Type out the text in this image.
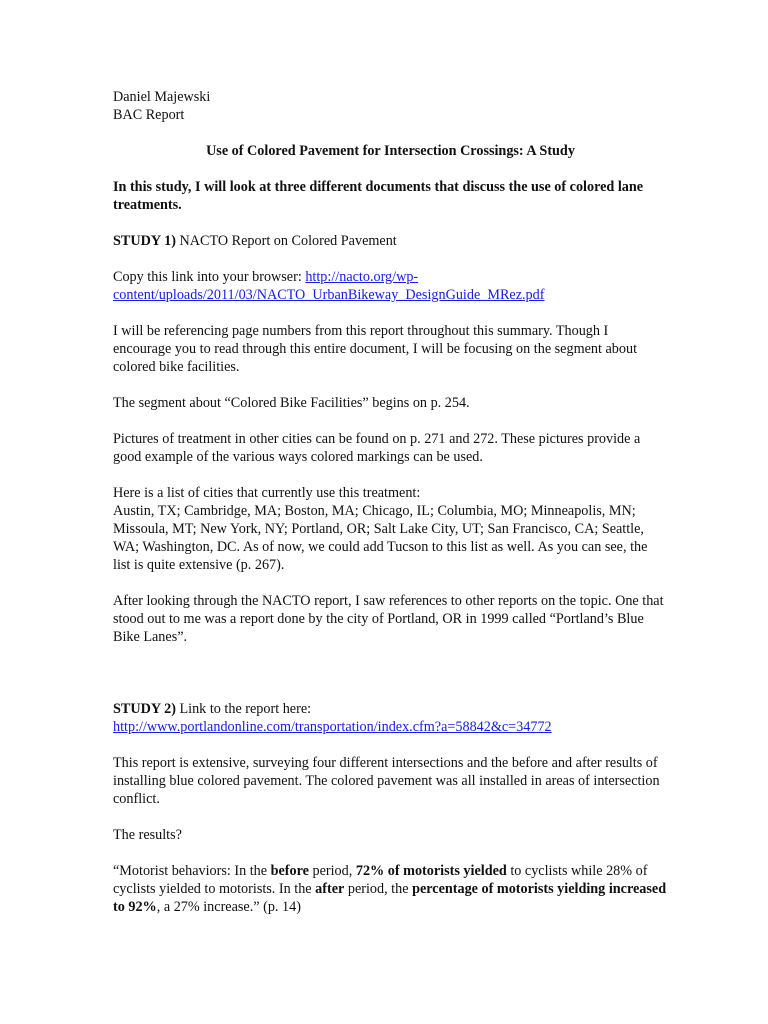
Daniel Majewski

BAC Report

Use of Colored Pavement for Intersection Crossings: A Study

In this study, I will look at three different documents that discuss the use of colored lane treatments.

STUDY 1) NACTO Report on Colored Pavement

Copy this link into your browser: http://nacto.org/wp-
content/uploads/2011/03/NACTO_UrbanBikeway_DesignGuide_MRez.pdf

I will be referencing page numbers from this report throughout this summary. Though I encourage you to read through this entire document, I will be focusing on the segment about colored bike facilities.

The segment about “Colored Bike Facilities” begins on p. 254.

Pictures of treatment in other cities can be found on p. 271 and 272. These pictures provide a good example of the various ways colored markings can be used.

Here is a list of cities that currently use this treatment:
Austin, TX; Cambridge, MA; Boston, MA; Chicago, IL; Columbia, MO; Minneapolis, MN; Missoula, MT; New York, NY; Portland, OR; Salt Lake City, UT; San Francisco, CA; Seattle, WA; Washington, DC. As of now, we could add Tucson to this list as well. As you can see, the list is quite extensive (p. 267).

After looking through the NACTO report, I saw references to other reports on the topic. One that stood out to me was a report done by the city of Portland, OR in 1999 called “Portland’s Blue Bike Lanes”.

STUDY 2) Link to the report here:
http://www.portlandonline.com/transportation/index.cfm?a=58842&c=34772

This report is extensive, surveying four different intersections and the before and after results of installing blue colored pavement. The colored pavement was all installed in areas of intersection conflict.

The results?

“Motorist behaviors: In the before period, 72% of motorists yielded to cyclists while 28% of cyclists yielded to motorists. In the after period, the percentage of motorists yielding increased to 92%, a 27% increase.” (p. 14)
